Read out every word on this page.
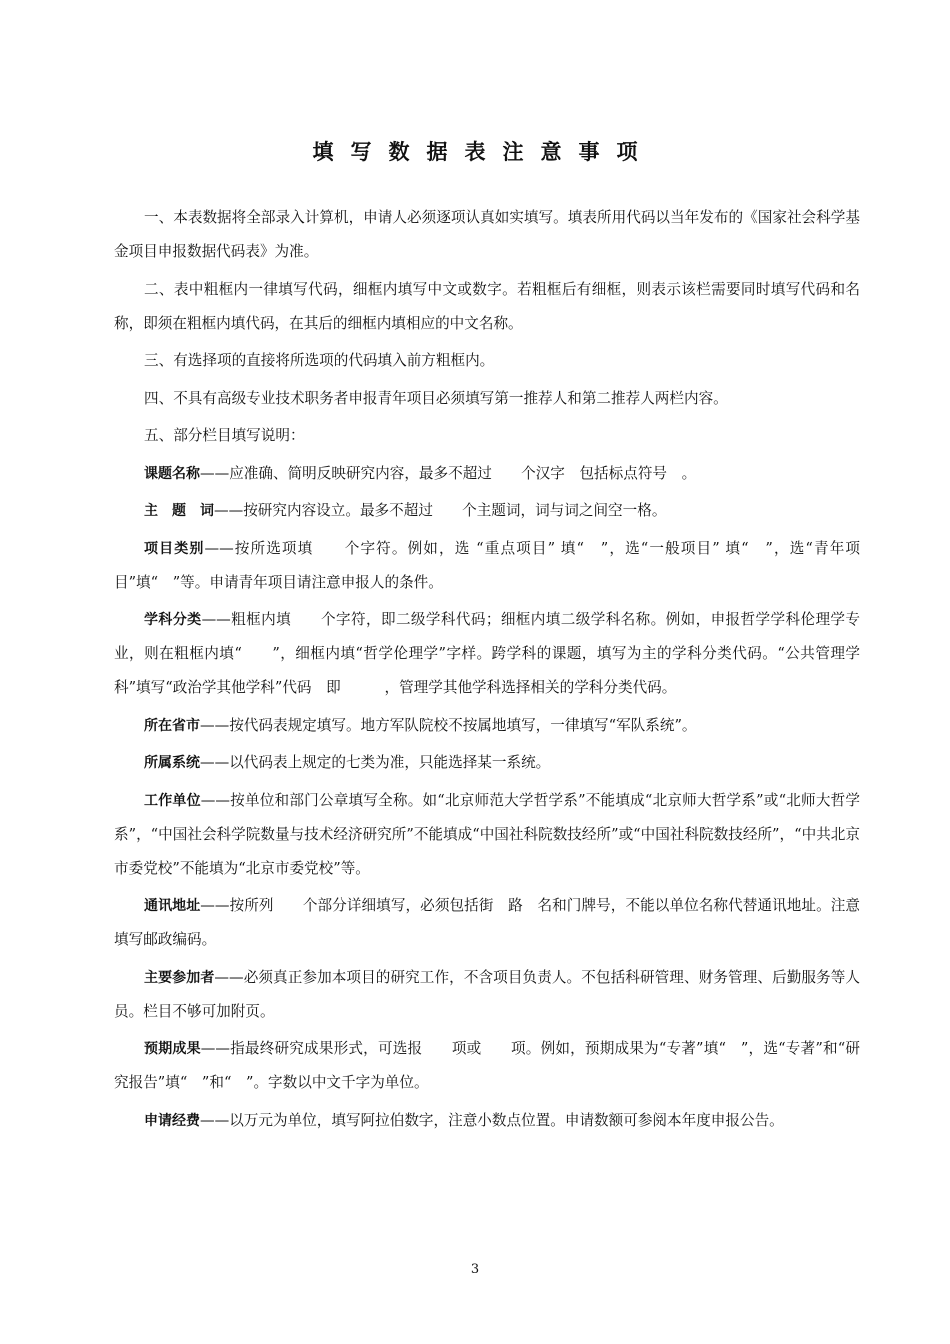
填写数据表注意事项

一、本表数据将全部录入计算机，申请人必须逐项认真如实填写。填表所用代码以当年发布的《国家社会科学基金项目申报数据代码表》为准。

二、表中粗框内一律填写代码，细框内填写中文或数字。若粗框后有细框，则表示该栏需要同时填写代码和名称，即须在粗框内填代码，在其后的细框内填相应的中文名称。

三、有选择项的直接将所选项的代码填入前方粗框内。

四、不具有高级专业技术职务者申报青年项目必须填写第一推荐人和第二推荐人两栏内容。

五、部分栏目填写说明：

课题名称——应准确、简明反映研究内容，最多不超过　　个汉字　包括标点符号　。

主　题　词——按研究内容设立。最多不超过　　个主题词，词与词之间空一格。

项目类别——按所选项填　　个字符。例如，选 “重点项目” 填“　”，选“一般项目” 填“　”，选“青年项目”填“　”等。申请青年项目请注意申报人的条件。

学科分类——粗框内填　　个字符，即二级学科代码；细框内填二级学科名称。例如，申报哲学学科伦理学专业，则在粗框内填“　　”，细框内填“哲学伦理学”字样。跨学科的课题，填写为主的学科分类代码。“公共管理学科”填写“政治学其他学科”代码　即　　　，管理学其他学科选择相关的学科分类代码。

所在省市——按代码表规定填写。地方军队院校不按属地填写，一律填写“军队系统”。

所属系统——以代码表上规定的七类为准，只能选择某一系统。

工作单位——按单位和部门公章填写全称。如“北京师范大学哲学系”不能填成“北京师大哲学系”或“北师大哲学系”，“中国社会科学院数量与技术经济研究所”不能填成“中国社科院数技经所”或“中国社科院数技经所”，“中共北京市委党校”不能填为“北京市委党校”等。

通讯地址——按所列　　个部分详细填写，必须包括街　路　名和门牌号，不能以单位名称代替通讯地址。注意填写邮政编码。

主要参加者——必须真正参加本项目的研究工作，不含项目负责人。不包括科研管理、财务管理、后勤服务等人员。栏目不够可加附页。

预期成果——指最终研究成果形式，可选报　　项或　　项。例如，预期成果为“专著”填“　”，选“专著”和“研究报告”填“　”和“　”。字数以中文千字为单位。

申请经费——以万元为单位，填写阿拉伯数字，注意小数点位置。申请数额可参阅本年度申报公告。

3
